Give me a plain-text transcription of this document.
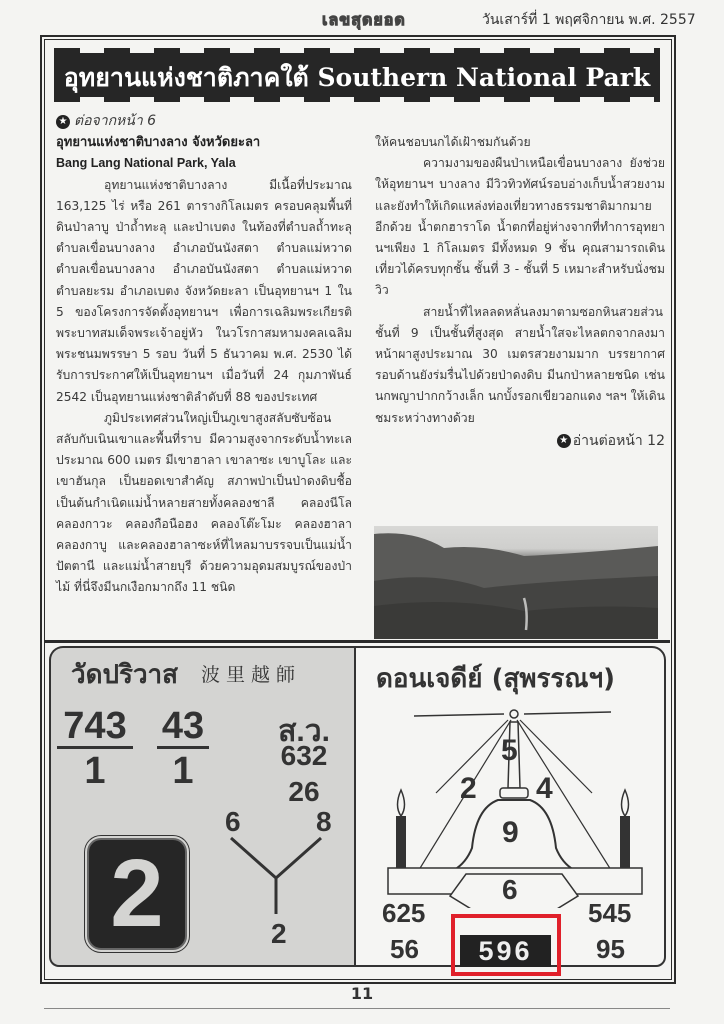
เลขสุดยอด	วันเสาร์ที่ 1 พฤศจิกายน พ.ศ. 2557
อุทยานแห่งชาติภาคใต้ Southern National Park
★ ต่อจากหน้า 6
อุทยานแห่งชาติบางลาง จังหวัดยะลา
Bang Lang National Park, Yala

อุทยานแห่งชาติบางลาง มีเนื้อที่ประมาณ 163,125 ไร่ หรือ 261 ตารางกิโลเมตร ครอบคลุมพื้นที่ดินป่าลาบู ป่าถ้ำทะลุ และป่าเบตง ในท้องที่ตำบลถ้ำทะลุ ตำบลเขื่อนบางลาง อำเภอบันนังสตา ตำบลแม่หวาด ตำบลเขื่อนบางลาง อำเภอบันนังสตา ตำบลแม่หวาด ตำบลยะรม อำเภอเบตง จังหวัดยะลา เป็นอุทยานฯ 1 ใน 5 ของโครงการจัดตั้งอุทยานฯ เพื่อการเฉลิมพระเกียรติพระบาทสมเด็จพระเจ้าอยู่หัว ในวโรกาสมหามงคลเฉลิมพระชนมพรรษา 5 รอบ วันที่ 5 ธันวาคม พ.ศ. 2530 ได้รับการประกาศให้เป็นอุทยานฯ เมื่อวันที่ 24 กุมภาพันธ์ 2542 เป็นอุทยานแห่งชาติลำดับที่ 88 ของประเทศ

ภูมิประเทศส่วนใหญ่เป็นภูเขาสูงสลับซับซ้อนสลับกับเนินเขาและพื้นที่ราบ มีความสูงจากระดับน้ำทะเลประมาณ 600 เมตร มีเขาฮาลา เขาลาซะ เขาบูโละ และเขาฮันกุล เป็นยอดเขาสำคัญ สภาพป่าเป็นป่าดงดิบชื้อ เป็นต้นกำเนิดแม่น้ำหลายสายทั้งคลองชาลี คลองนีโล คลองกาวะ คลองกือนือฮง คลองโต๊ะโมะ คลองฮาลา คลองกาบู และคลองฮาลาซะห์ที่ไหลมาบรรจบเป็นแม่น้ำปัตตานี และแม่น้ำสายบุรี ด้วยความอุดมสมบูรณ์ของป่าไม้ ที่นี่จึงมีนกเงือกมากถึง 11 ชนิด

ให้คนชอบนกได้เฝ้าชมกันด้วย

ความงามของผืนป่าเหนือเขื่อนบางลาง ยังช่วยให้อุทยานฯ บางลาง มีวิวทิวทัศน์รอบอ่างเก็บน้ำสวยงามและยังทำให้เกิดแหล่งท่องเที่ยวทางธรรมชาติมากมายอีกด้วย น้ำตกฮาราโด น้ำตกที่อยู่ห่างจากที่ทำการอุทยานฯเพียง 1 กิโลเมตร มีทั้งหมด 9 ชั้น คุณสามารถเดินเที่ยวได้ครบทุกชั้น ชั้นที่ 3 - ชั้นที่ 5 เหมาะสำหรับนั่งชมวิว

สายน้ำที่ไหลลดหลั่นลงมาตามซอกหินสวยส่วนชั้นที่ 9 เป็นชั้นที่สูงสุด สายน้ำใสจะไหลตกจากลงมาหน้าผาสูงประมาณ 30 เมตรสวยงามมาก บรรยากาศรอบด้านยังร่มรื่นไปด้วยป่าดงดิบ มีนกป่าหลายชนิด เช่น นกพญาปากกว้างเล็ก นกบั้งรอกเขียวอกแดง ฯลฯ ให้เดินชมระหว่างทางด้วย

★ อ่านต่อหน้า 12
วัดปริวาส 波里越師
$\frac{743}{1} \frac{43}{1}$	ส.ว.
632
26
6	8
2
2
ดอนเจดีย์ (สุพรรณฯ)
5
2 4
9
6
625
56
545
95
596
11
